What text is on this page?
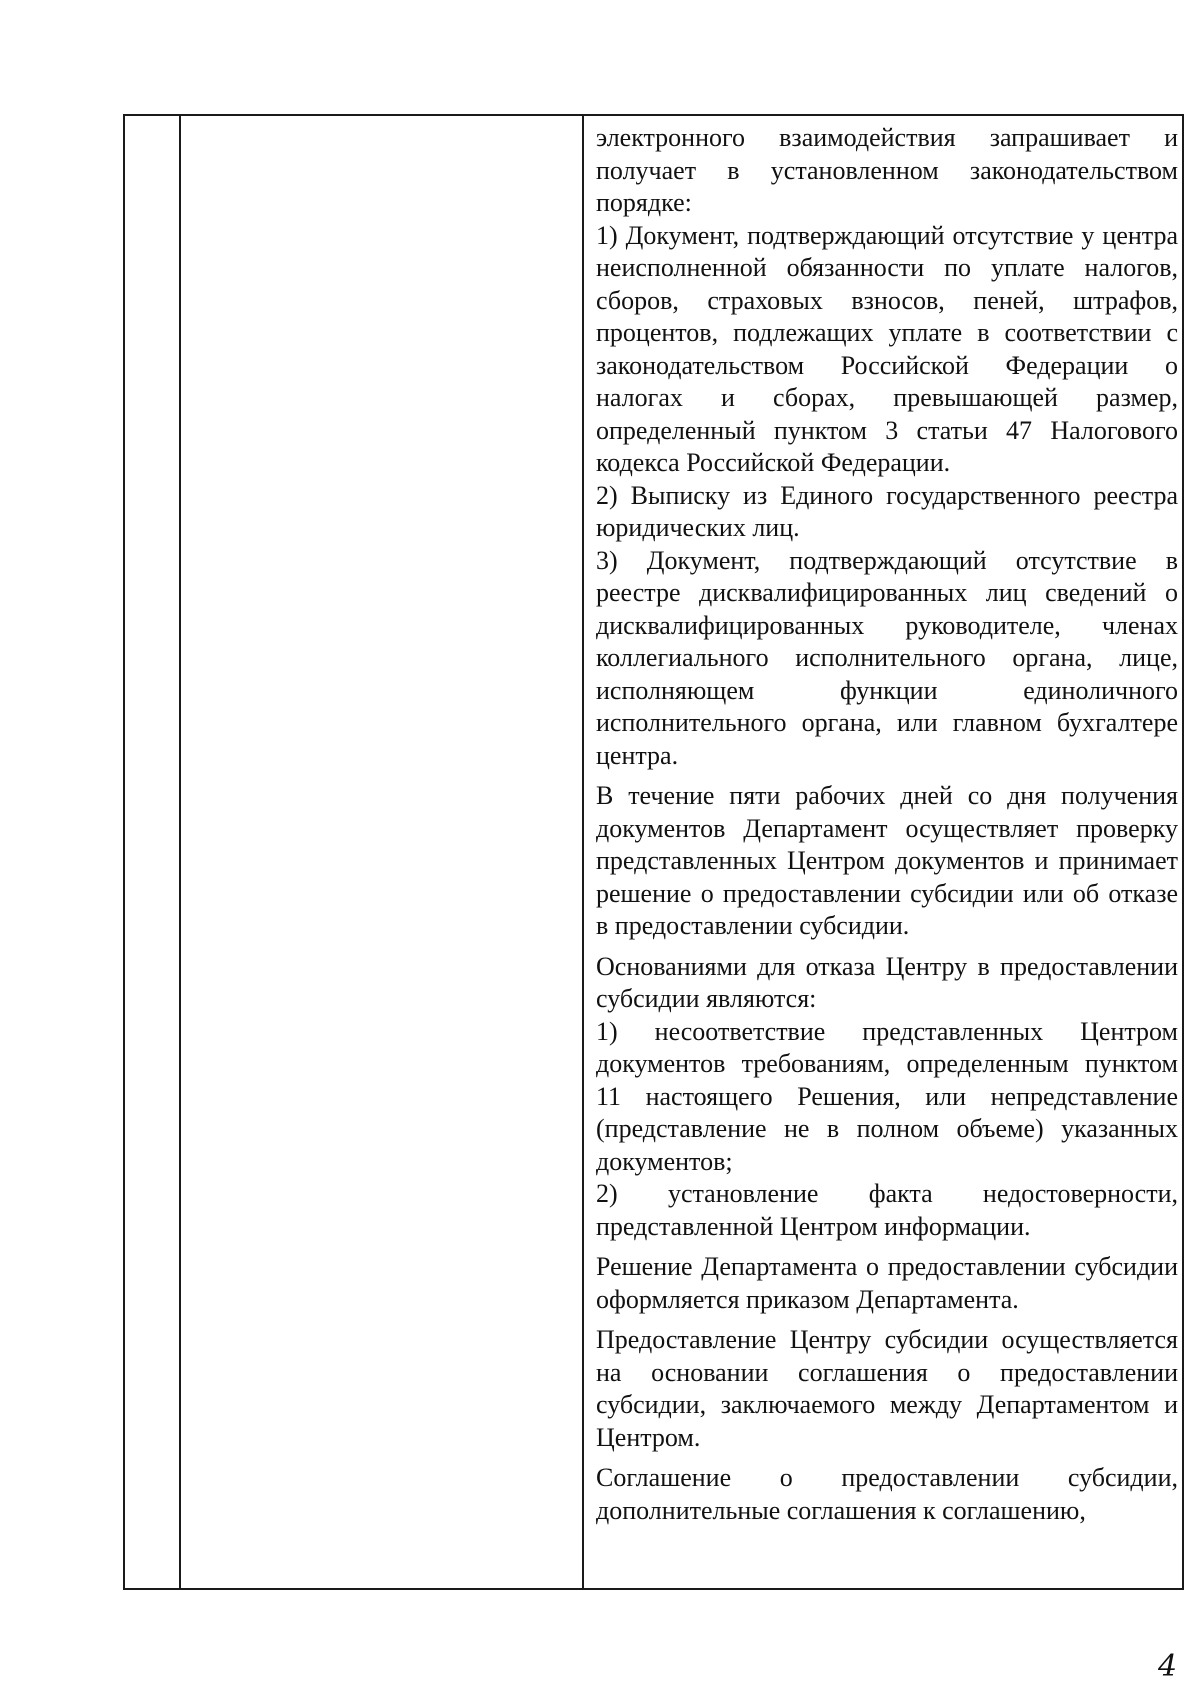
электронного взаимодействия запрашивает и получает в установленном законодательством порядке:

1) Документ, подтверждающий отсутствие у центра неисполненной обязанности по уплате налогов, сборов, страховых взносов, пеней, штрафов, процентов, подлежащих уплате в соответствии с законодательством Российской Федерации о налогах и сборах, превышающей размер, определенный пунктом 3 статьи 47 Налогового кодекса Российской Федерации.

2) Выписку из Единого государственного реестра юридических лиц.

3) Документ, подтверждающий отсутствие в реестре дисквалифицированных лиц сведений о дисквалифицированных руководителе, членах коллегиального исполнительного органа, лице, исполняющем функции единоличного исполнительного органа, или главном бухгалтере центра.

В течение пяти рабочих дней со дня получения документов Департамент осуществляет проверку представленных Центром документов и принимает решение о предоставлении субсидии или об отказе в предоставлении субсидии.

Основаниями для отказа Центру в предоставлении субсидии являются:

1) несоответствие представленных Центром документов требованиям, определенным пунктом 11 настоящего Решения, или непредставление (представление не в полном объеме) указанных документов;

2) установление факта недостоверности, представленной Центром информации.

Решение Департамента о предоставлении субсидии оформляется приказом Департамента.

Предоставление Центру субсидии осуществляется на основании соглашения о предоставлении субсидии, заключаемого между Департаментом и Центром.

Соглашение о предоставлении субсидии, дополнительные соглашения к соглашению,

4
